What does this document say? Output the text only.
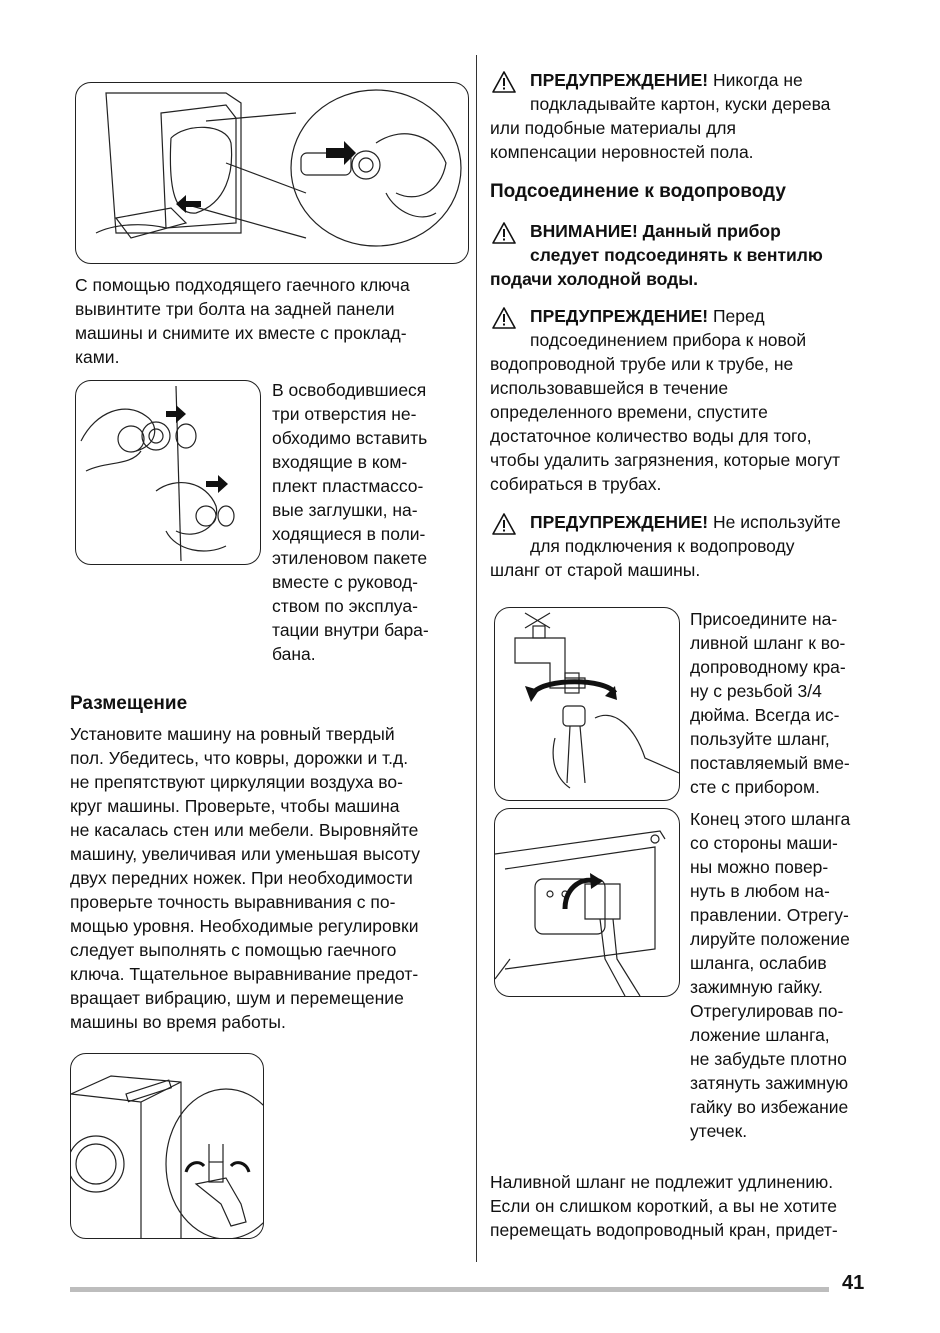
С помощью подходящего гаечного ключа
вывинтите три болта на задней панели
машины и снимите их вместе с проклад-
ками.
В освободившиеся
три отверстия не-
обходимо вставить
входящие в ком-
плект пластмассо-
вые заглушки, на-
ходящиеся в поли-
этиленовом пакете
вместе с руковод-
ством по эксплуа-
тации внутри бара-
бана.
Размещение
Установите машину на ровный твердый
пол. Убедитесь, что ковры, дорожки и т.д.
не препятствуют циркуляции воздуха во-
круг машины. Проверьте, чтобы машина
не касалась стен или мебели. Выровняйте
машину, увеличивая или уменьшая высоту
двух передних ножек. При необходимости
проверьте точность выравнивания с по-
мощью уровня. Необходимые регулировки
следует выполнять с помощью гаечного
ключа. Тщательное выравнивание предот-
вращает вибрацию, шум и перемещение
машины во время работы.
ПРЕДУПРЕЖДЕНИЕ! Никогда не
подкладывайте картон, куски дерева
или подобные материалы для
компенсации неровностей пола.
Подсоединение к водопроводу
ВНИМАНИЕ! Данный прибор
следует подсоединять к вентилю
подачи холодной воды.
ПРЕДУПРЕЖДЕНИЕ! Перед
подсоединением прибора к новой
водопроводной трубе или к трубе, не
использовавшейся в течение
определенного времени, спустите
достаточное количество воды для того,
чтобы удалить загрязнения, которые могут
собираться в трубах.
ПРЕДУПРЕЖДЕНИЕ! Не используйте
для подключения к водопроводу
шланг от старой машины.
Присоедините на-
ливной шланг к во-
допроводному кра-
ну с резьбой 3/4
дюйма. Всегда ис-
пользуйте шланг,
поставляемый вме-
сте с прибором.
Конец этого шланга
со стороны маши-
ны можно повер-
нуть в любом на-
правлении. Отрегу-
лируйте положение
шланга, ослабив
зажимную гайку.
Отрегулировав по-
ложение шланга,
не забудьте плотно
затянуть зажимную
гайку во избежание
утечек.
Наливной шланг не подлежит удлинению.
Если он слишком короткий, а вы не хотите
перемещать водопроводный кран, придет-
41
